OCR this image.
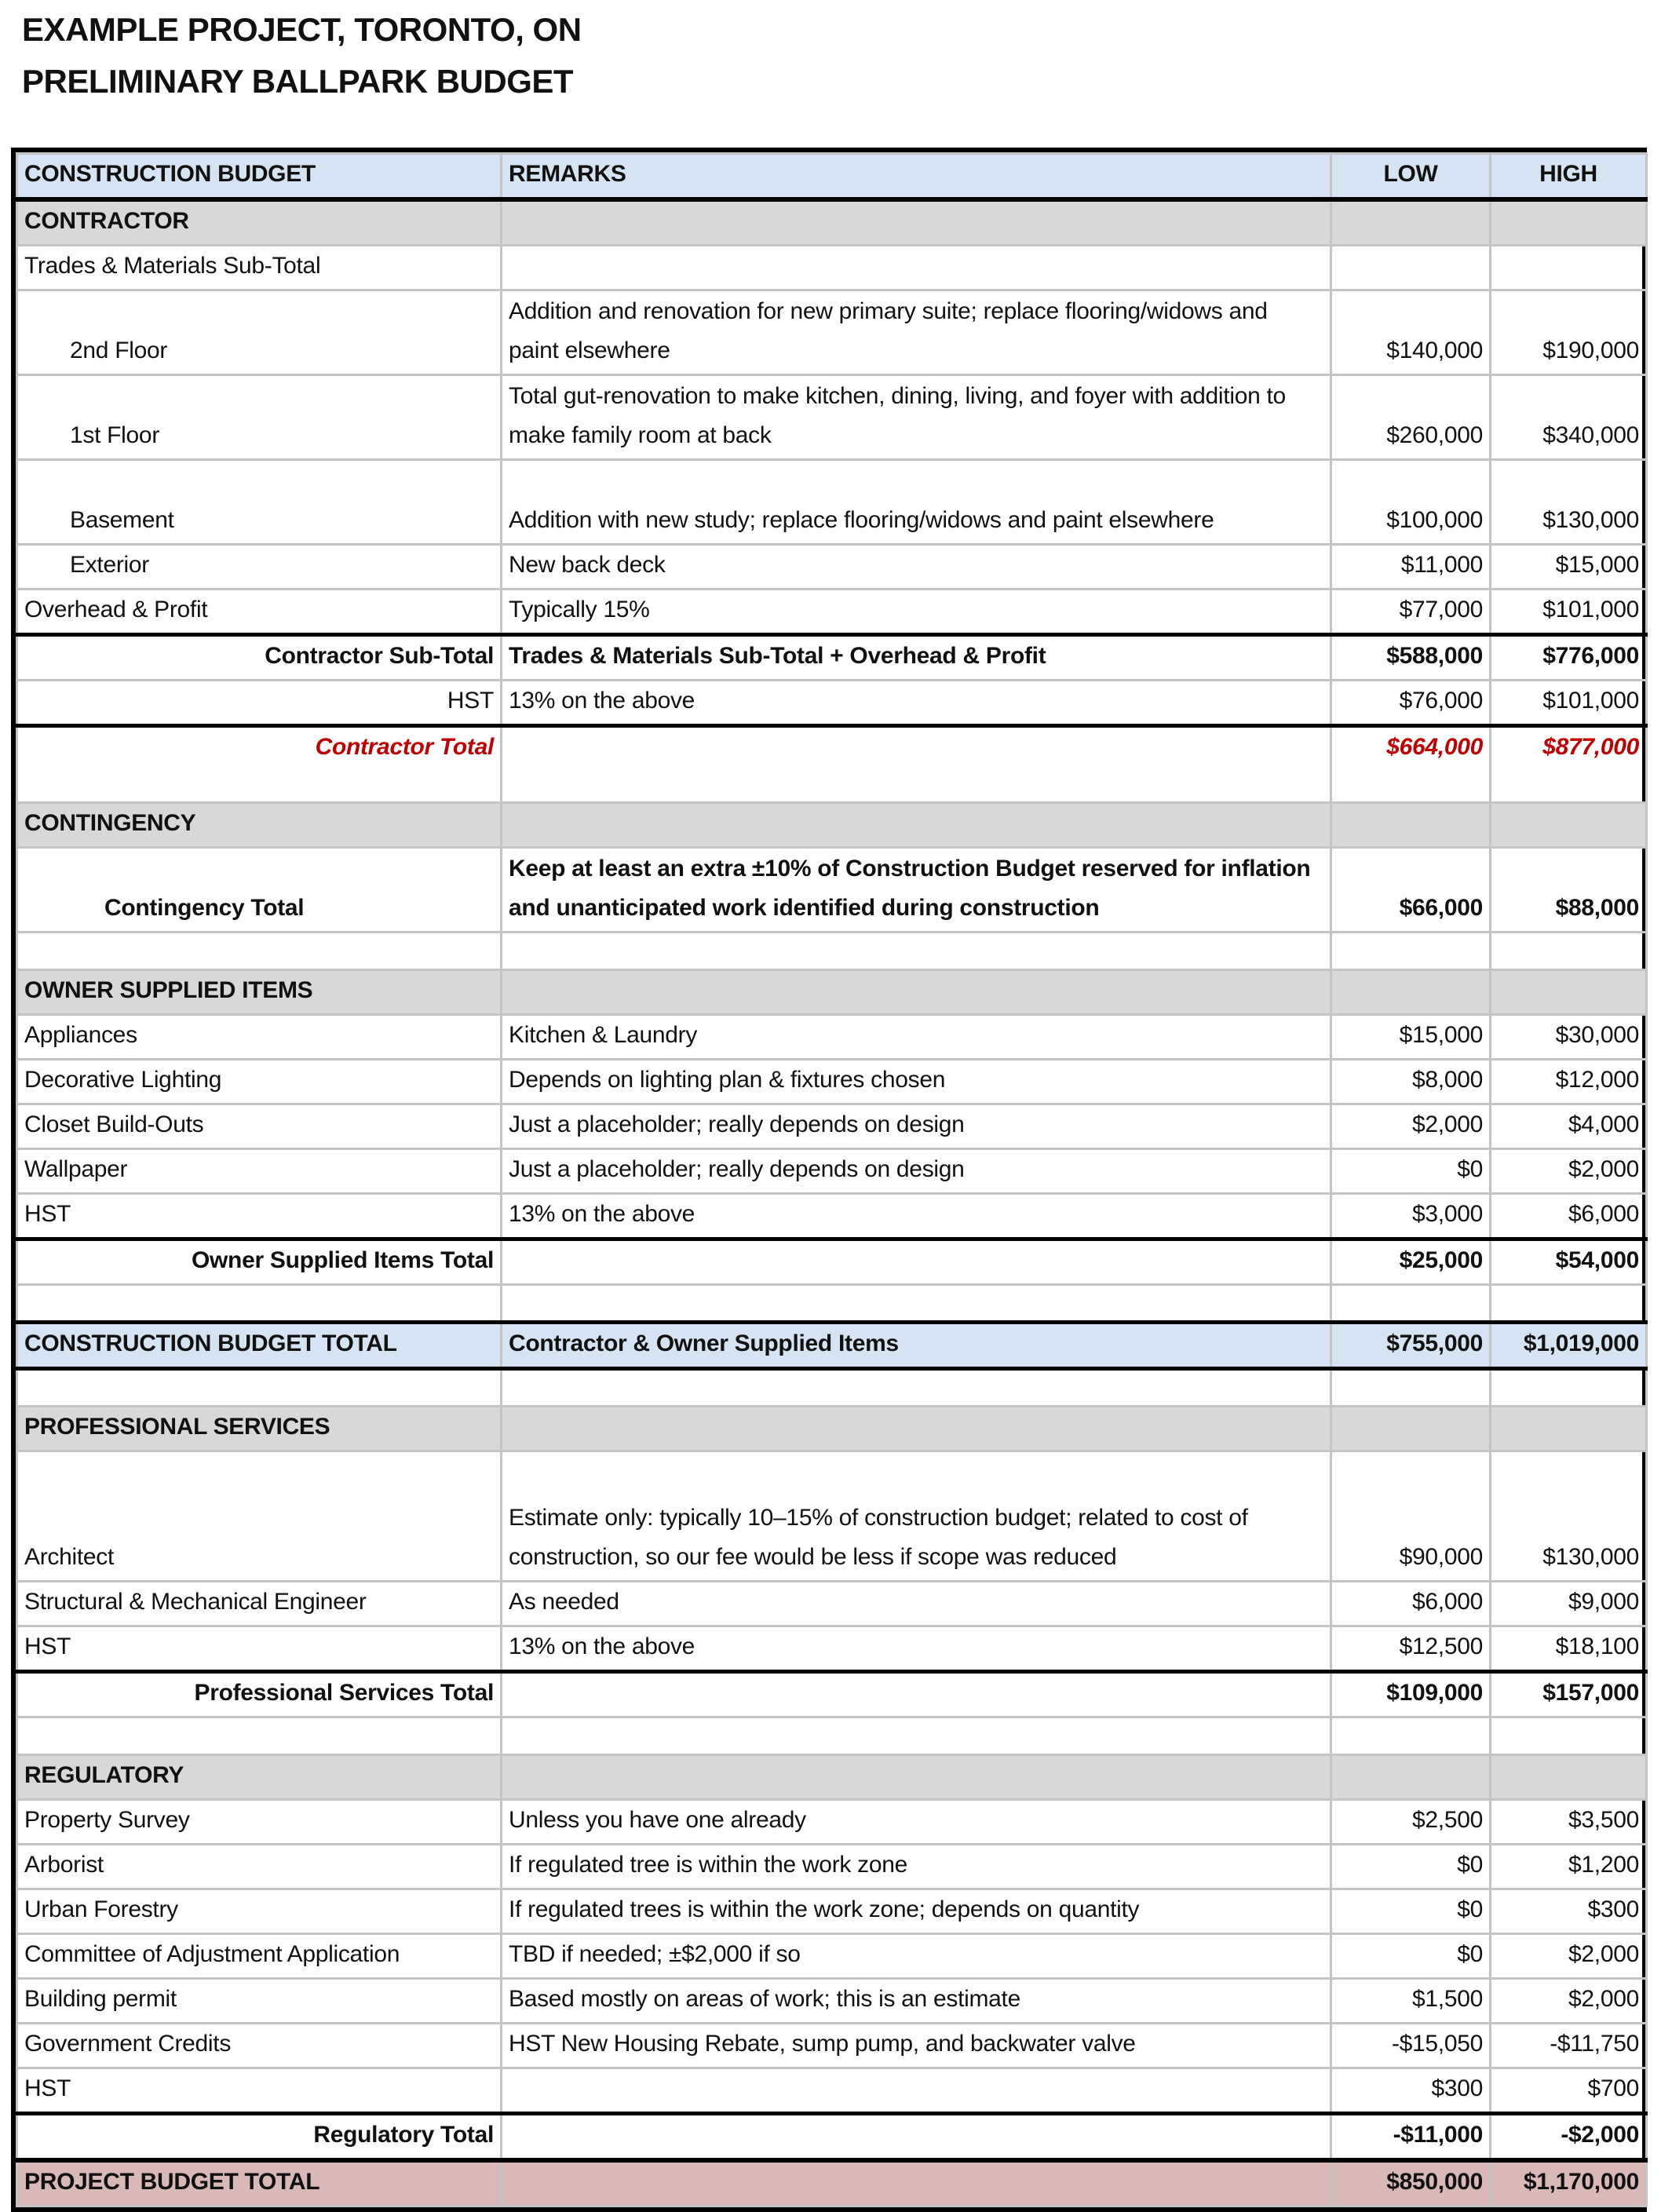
EXAMPLE PROJECT, TORONTO, ON
PRELIMINARY BALLPARK BUDGET
CONSTRUCTION BUDGET	REMARKS	LOW	HIGH
CONTRACTOR			
Trades & Materials Sub-Total			
2nd Floor	Addition and renovation for new primary suite; replace flooring/widows and paint elsewhere	$140,000	$190,000
1st Floor	Total gut-renovation to make kitchen, dining, living, and foyer with addition to make family room at back	$260,000	$340,000
Basement	Addition with new study; replace flooring/widows and paint elsewhere	$100,000	$130,000
Exterior	New back deck	$11,000	$15,000
Overhead & Profit	Typically 15%	$77,000	$101,000
Contractor Sub-Total	Trades & Materials Sub-Total + Overhead & Profit	$588,000	$776,000
HST	13% on the above	$76,000	$101,000
Contractor Total		$664,000	$877,000
CONTINGENCY			
Contingency Total	Keep at least an extra ±10% of Construction Budget reserved for inflation and unanticipated work identified during construction	$66,000	$88,000

OWNER SUPPLIED ITEMS			
Appliances	Kitchen & Laundry	$15,000	$30,000
Decorative Lighting	Depends on lighting plan & fixtures chosen	$8,000	$12,000
Closet Build-Outs	Just a placeholder; really depends on design	$2,000	$4,000
Wallpaper	Just a placeholder; really depends on design	$0	$2,000
HST	13% on the above	$3,000	$6,000
Owner Supplied Items Total		$25,000	$54,000

CONSTRUCTION BUDGET TOTAL	Contractor & Owner Supplied Items	$755,000	$1,019,000

PROFESSIONAL SERVICES			
Architect	Estimate only: typically 10–15% of construction budget; related to cost of construction, so our fee would be less if scope was reduced	$90,000	$130,000
Structural & Mechanical Engineer	As needed	$6,000	$9,000
HST	13% on the above	$12,500	$18,100
Professional Services Total		$109,000	$157,000

REGULATORY			
Property Survey	Unless you have one already	$2,500	$3,500
Arborist	If regulated tree is within the work zone	$0	$1,200
Urban Forestry	If regulated trees is within the work zone; depends on quantity	$0	$300
Committee of Adjustment Application	TBD if needed; ±$2,000 if so	$0	$2,000
Building permit	Based mostly on areas of work; this is an estimate	$1,500	$2,000
Government Credits	HST New Housing Rebate, sump pump, and backwater valve	-$15,050	-$11,750
HST		$300	$700
Regulatory Total		-$11,000	-$2,000
PROJECT BUDGET TOTAL		$850,000	$1,170,000
